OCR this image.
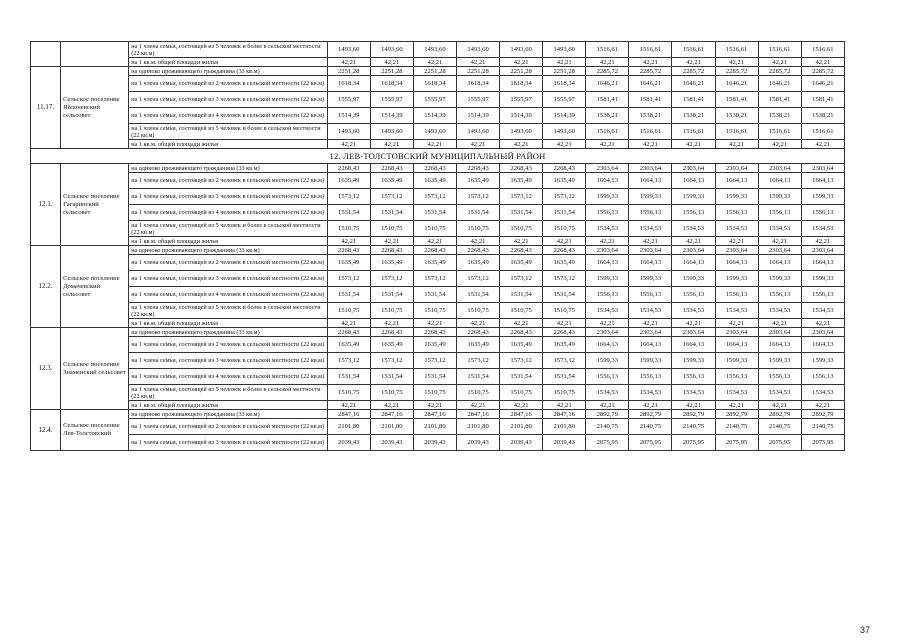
		на 1 члена семьи, состоящей из 5 человек и более в сельской местности (22 кв.м)	1493,60	1493,60	1493,60	1493,60	1493,60	1493,60	1516,61	1516,61	1516,61	1516,61	1516,61	1516,61
		на 1 кв.м. общей площади жилья	42,21	42,21	42,21	42,21	42,21	42,21	42,21	42,21	42,21	42,21	42,21	42,21
11.17.	Сельское поселение Яблоневский сельсовет	на одиноко проживающего гражданина (33 кв.м)	2251,28	2251,28	2251,28	2251,28	2251,28	2251,28	2285,72	2285,72	2285,72	2285,72	2285,72	2285,72
		на 1 члена семьи, состоящей из 2 человек в сельской местности (22 кв.м)	1618,34	1618,34	1618,34	1618,34	1618,34	1618,34	1646,21	1646,21	1646,21	1646,21	1646,21	1646,21
		на 1 члена семьи, состоящей из 3 человек в сельской местности (22 кв.м)	1555,97	1555,97	1555,97	1555,97	1555,97	1555,97	1581,41	1581,41	1581,41	1581,41	1581,41	1581,41
		на 1 члена семьи, состоящей из 4 человек в сельской местности (22 кв.м)	1514,39	1514,39	1514,39	1514,39	1514,39	1514,39	1538,21	1538,21	1538,21	1538,21	1538,21	1538,21
		на 1 члена семьи, состоящей из 5 человек и более в сельской местности (22 кв.м)	1493,60	1493,60	1493,60	1493,60	1493,60	1493,60	1516,61	1516,61	1516,61	1516,61	1516,61	1516,61
		на 1 кв.м. общей площади жилья	42,21	42,21	42,21	42,21	42,21	42,21	42,21	42,21	42,21	42,21	42,21	42,21
12. ЛЕВ-ТОЛСТОВСКИЙ МУНИЦИПАЛЬНЫЙ РАЙОН														
12.1.	Сельское поселение Гагаринский сельсовет	на одиноко проживающего гражданина (33 кв.м)	2268,43	2268,43	2268,43	2268,43	2268,43	2268,43	2303,64	2303,64	2303,64	2303,64	2303,64	2303,64
		на 1 члена семьи, состоящей из 2 человек в сельской местности (22 кв.м)	1635,49	1635,49	1635,49	1635,49	1635,49	1635,49	1664,13	1664,13	1664,13	1664,13	1664,13	1664,13
		на 1 члена семьи, состоящей из 3 человек в сельской местности (22 кв.м)	1573,12	1573,12	1573,12	1573,12	1573,12	1573,12	1599,33	1599,33	1599,33	1599,33	1599,33	1599,33
		на 1 члена семьи, состоящей из 4 человек в сельской местности (22 кв.м)	1531,54	1531,54	1531,54	1531,54	1531,54	1531,54	1556,13	1556,13	1556,13	1556,13	1556,13	1556,13
		на 1 члена семьи, состоящей из 5 человек и более в сельской местности (22 кв.м)	1510,75	1510,75	1510,75	1510,75	1510,75	1510,75	1534,53	1534,53	1534,53	1534,53	1534,53	1534,53
		на 1 кв.м. общей площади жилья	42,21	42,21	42,21	42,21	42,21	42,21	42,21	42,21	42,21	42,21	42,21	42,21
12.2.	Сельское поселение Домачевский сельсовет	на одиноко проживающего гражданина (33 кв.м)	2268,43	2268,43	2268,43	2268,43	2268,43	2268,43	2303,64	2303,64	2303,64	2303,64	2303,64	2303,64
		на 1 члена семьи, состоящей из 2 человек в сельской местности (22 кв.м)	1635,49	1635,49	1635,49	1635,49	1635,49	1635,49	1664,13	1664,13	1664,13	1664,13	1664,13	1664,13
		на 1 члена семьи, состоящей из 3 человек в сельской местности (22 кв.м)	1573,12	1573,12	1573,12	1573,12	1573,12	1573,12	1599,33	1599,33	1599,33	1599,33	1599,33	1599,33
		на 1 члена семьи, состоящей из 4 человек в сельской местности (22 кв.м)	1531,54	1531,54	1531,54	1531,54	1531,54	1531,54	1556,13	1556,13	1556,13	1556,13	1556,13	1556,13
		на 1 члена семьи, состоящей из 5 человек и более в сельской местности (22 кв.м)	1510,75	1510,75	1510,75	1510,75	1510,75	1510,75	1534,53	1534,53	1534,53	1534,53	1534,53	1534,53
		на 1 кв.м. общей площади жилья	42,21	42,21	42,21	42,21	42,21	42,21	42,21	42,21	42,21	42,21	42,21	42,21
12.3.	Сельское поселение Знаменский сельсовет	на одиноко проживающего гражданина (33 кв.м)	2268,43	2268,43	2268,43	2268,43	2268,43	2268,43	2303,64	2303,64	2303,64	2303,64	2303,64	2303,64
		на 1 члена семьи, состоящей из 2 человек в сельской местности (22 кв.м)	1635,49	1635,49	1635,49	1635,49	1635,49	1635,49	1664,13	1664,13	1664,13	1664,13	1664,13	1664,13
		на 1 члена семьи, состоящей из 3 человек в сельской местности (22 кв.м)	1573,12	1573,12	1573,12	1573,12	1573,12	1573,12	1599,33	1599,33	1599,33	1599,33	1599,33	1599,33
		на 1 члена семьи, состоящей из 4 человек в сельской местности (22 кв.м)	1531,54	1531,54	1531,54	1531,54	1531,54	1531,54	1556,13	1556,13	1556,13	1556,13	1556,13	1556,13
		на 1 члена семьи, состоящей из 5 человек и более в сельской местности (22 кв.м)	1510,75	1510,75	1510,75	1510,75	1510,75	1510,75	1534,53	1534,53	1534,53	1534,53	1534,53	1534,53
		на 1 кв.м. общей площади жилья	42,21	42,21	42,21	42,21	42,21	42,21	42,21	42,21	42,21	42,21	42,21	42,21
12.4.	Сельское поселение Лев-Толстовский	на одиноко проживающего гражданина (33 кв.м)	2847,16	2847,16	2847,16	2847,16	2847,16	2847,16	2892,79	2892,79	2892,79	2892,79	2892,79	2892,79
		на 1 члена семьи, состоящей из 2 человек в сельской местности (22 кв.м)	2101,80	2101,80	2101,80	2101,80	2101,80	2101,80	2140,75	2140,75	2140,75	2140,75	2140,75	2140,75
		на 1 члена семьи, состоящей из 3 человек в сельской местности (22 кв.м)	2039,43	2039,43	2039,43	2039,43	2039,43	2039,43	2075,95	2075,95	2075,95	2075,95	2075,95	2075,95
37
